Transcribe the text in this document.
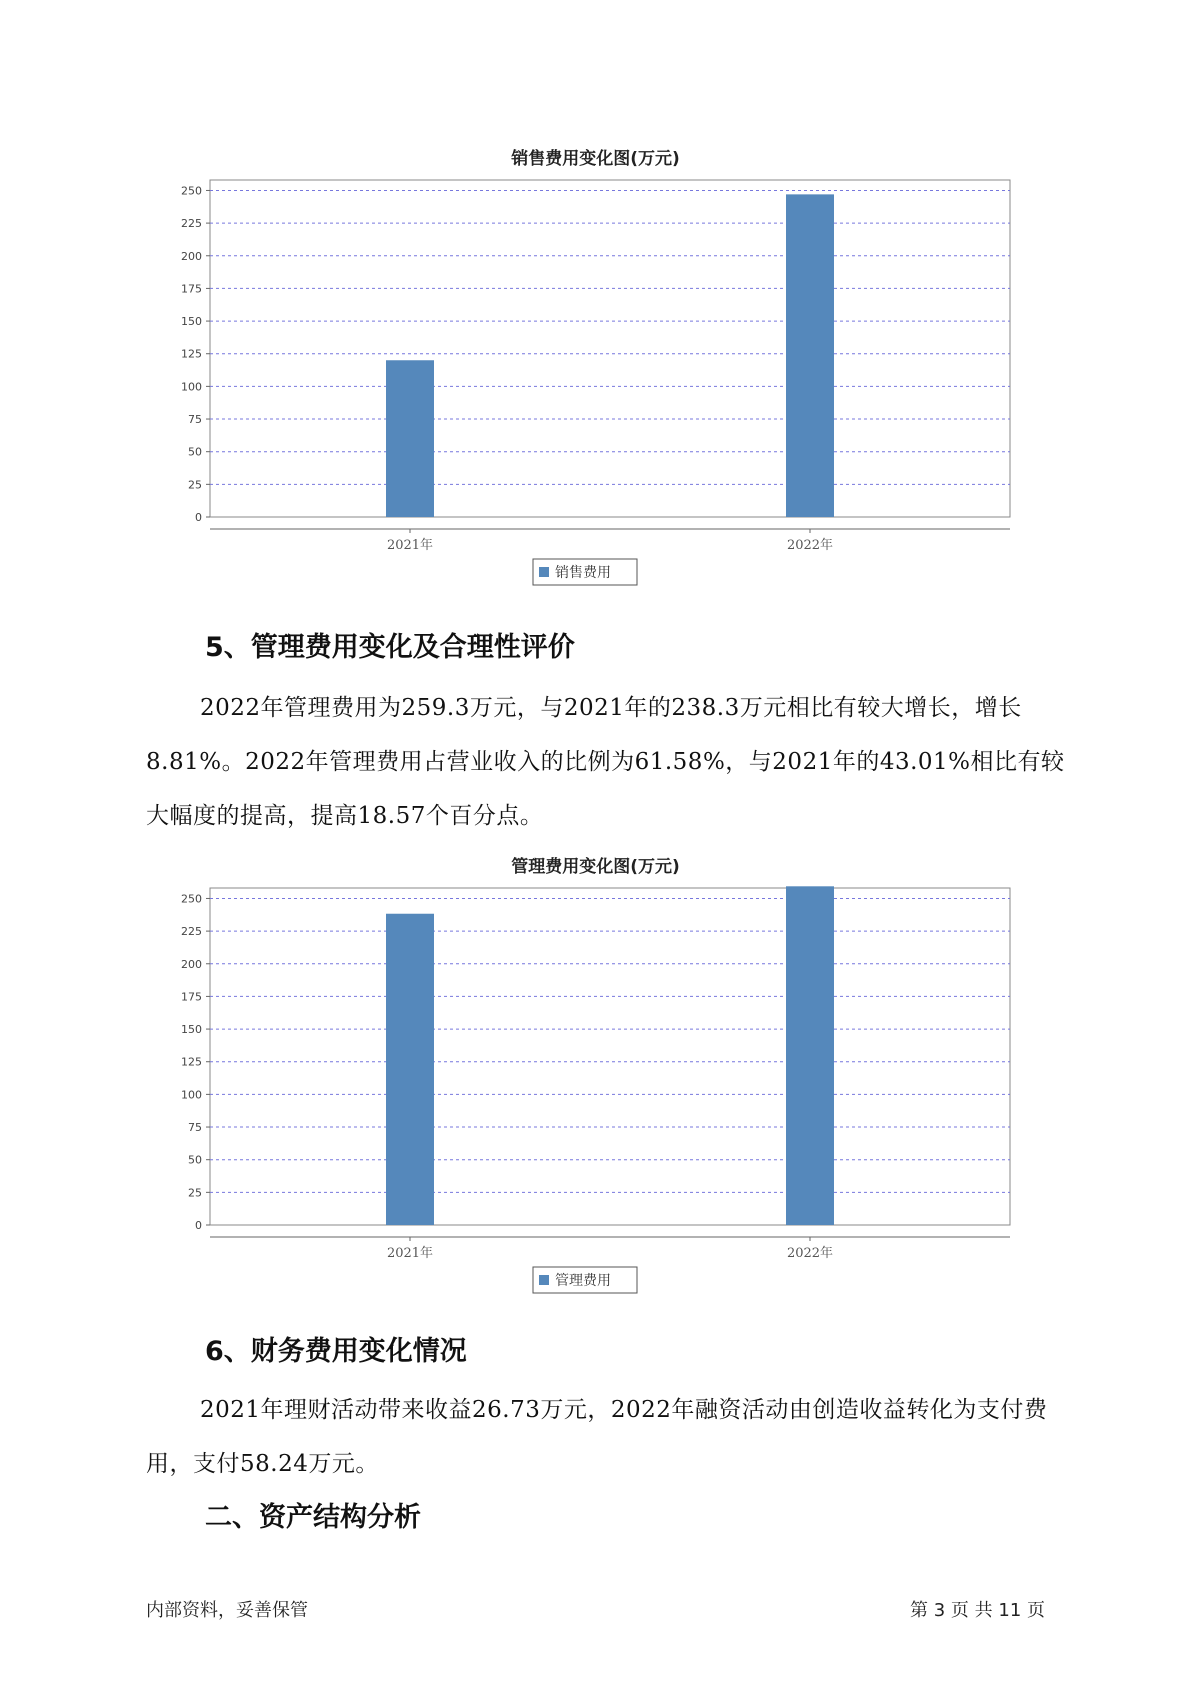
销售费用变化图(万元)
0
25
50
75
100
125
150
175
200
225
250
2021年	2022年
销售费用
5、管理费用变化及合理性评价

2022年管理费用为259.3万元，与2021年的238.3万元相比有较大增长，增长8.81%。2022年管理费用占营业收入的比例为61.58%，与2021年的43.01%相比有较大幅度的提高，提高18.57个百分点。

管理费用变化图(万元)
0
25
50
75
100
125
150
175
200
225
250
2021年	2022年
管理费用
6、财务费用变化情况

2021年理财活动带来收益26.73万元，2022年融资活动由创造收益转化为支付费用，支付58.24万元。

二、资产结构分析
内部资料，妥善保管	第 3 页 共 11 页
